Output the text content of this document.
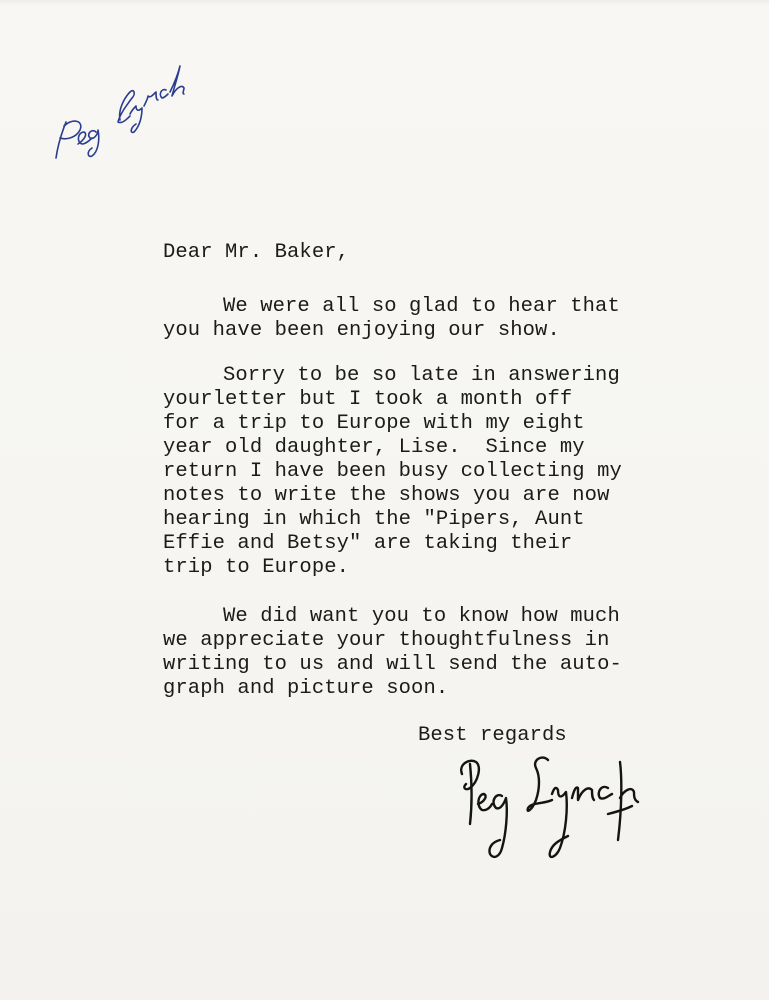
Dear Mr. Baker,
We were all so glad to hear that
you have been enjoying our show.
Sorry to be so late in answering
yourletter but I took a month off
for a trip to Europe with my eight
year old daughter, Lise.  Since my
return I have been busy collecting my
notes to write the shows you are now
hearing in which the "Pipers, Aunt
Effie and Betsy" are taking their
trip to Europe.
We did want you to know how much
we appreciate your thoughtfulness in
writing to us and will send the auto-
graph and picture soon.
Best regards
